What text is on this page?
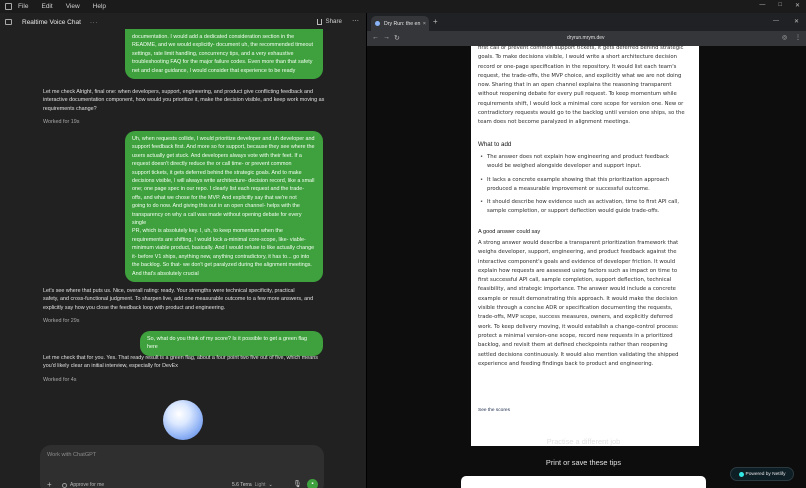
File Edit View Help	— □ ✕
Realtime Voice Chat ···	Share ⋯
documentation. I would add a dedicated consideration section in the
README, and we would explicitly- document uh, the recommended timeout
settings, rate limit handling, concurrency tips, and a very exhaustive
troubleshooting FAQ for the major failure codes. Even more than that safety
net and clear guidance, I would consider that experience to be ready
Let me check Alright, final one: when developers, support, engineering, and product give conflicting feedback and
interactive documentation component, how would you prioritize it, make the decision visible, and keep work moving as
requirements change?
Worked for 19s
Uh, when requests collide, I would prioritize developer and uh developer and
support feedback first. And more so for support, because they see where the
users actually get stuck. And developers always vote with their feet. If a
request doesn't directly reduce the or call time- or prevent common
support tickets, it gets deferred behind the strategic goals. And to make
decisions visible, I will always write architecture- decision record, like a small
one; one page spec in our repo. I clearly list each request and the trade-
offs, and what we chose for the MVP. And explicitly say that we're not
going to do now. And giving this out in an open channel- helps with the
transparency on why a call was made without opening debate for every single
PR, which is absolutely key. I, uh, to keep momentum when the
requirements are shifting, I would lock a-minimal core-scope, like- viable-
minimum viable product, basically. And I would refuse to like actually change
it- before V1 ships, anything new, anything contradictory, it has to... go into
the backlog. So that- we don't get paralyzed during the alignment meetings.
And that's absolutely crucial
Let's see where that puts us. Nice, overall rating: ready. Your strengths were technical specificity, practical
safety, and cross-functional judgment. To sharpen live, add one measurable outcome to a few more answers, and
explicitly say how you close the feedback loop with product and engineering.
Worked for 29s
So, what do you think of my score? Is it possible to get a green flag here
Let me check that for you. Yes. That ready result is a green flag, about a four point two five out of five, which means
you'd likely clear an initial interview, especially for DevEx
Worked for 4s
Work with ChatGPT
+	Approve for me	5.6 Terra Light ⌄	🎙︎	▪
Dry Run: the en × +	—	✕
← → ↻	dryrun.mrym.dev	◎ ⋮
first call or prevent common support tickets, it gets deferred behind strategic
goals. To make decisions visible, I would write a short architecture decision
record or one-page specification in the repository. It would list each team's
request, the trade-offs, the MVP choice, and explicitly what we are not doing
now. Sharing that in an open channel explains the reasoning transparent
without reopening debate for every pull request. To keep momentum while
requirements shift, I would lock a minimal core scope for version one. New or
contradictory requests would go to the backlog until version one ships, so the
team does not become paralyzed in alignment meetings.
What to add
• The answer does not explain how engineering and product feedback
would be weighed alongside developer and support input.
• It lacks a concrete example showing that this prioritization approach
produced a measurable improvement or successful outcome.
• It should describe how evidence such as activation, time to first API call,
sample completion, or support deflection would guide trade-offs.
A good answer could say
A strong answer would describe a transparent prioritization framework that
weighs developer, support, engineering, and product feedback against the
interactive component's goals and evidence of developer friction. It would
explain how requests are assessed using factors such as impact on time to
first successful API call, sample completion, support deflection, technical
feasibility, and strategic importance. The answer would include a concrete
example or result demonstrating this approach. It would make the decision
visible through a concise ADR or specification documenting the requests,
trade-offs, MVP scope, success measures, owners, and explicitly deferred
work. To keep delivery moving, it would establish a change-control process:
protect a minimal version-one scope, record new requests in a prioritized
backlog, and revisit them at defined checkpoints rather than reopening
settled decisions continuously. It would also mention validating the shipped
experience and feeding findings back to product and engineering.
See the scores
Practise a different job
Print or save these tips
Powered by Netlify
